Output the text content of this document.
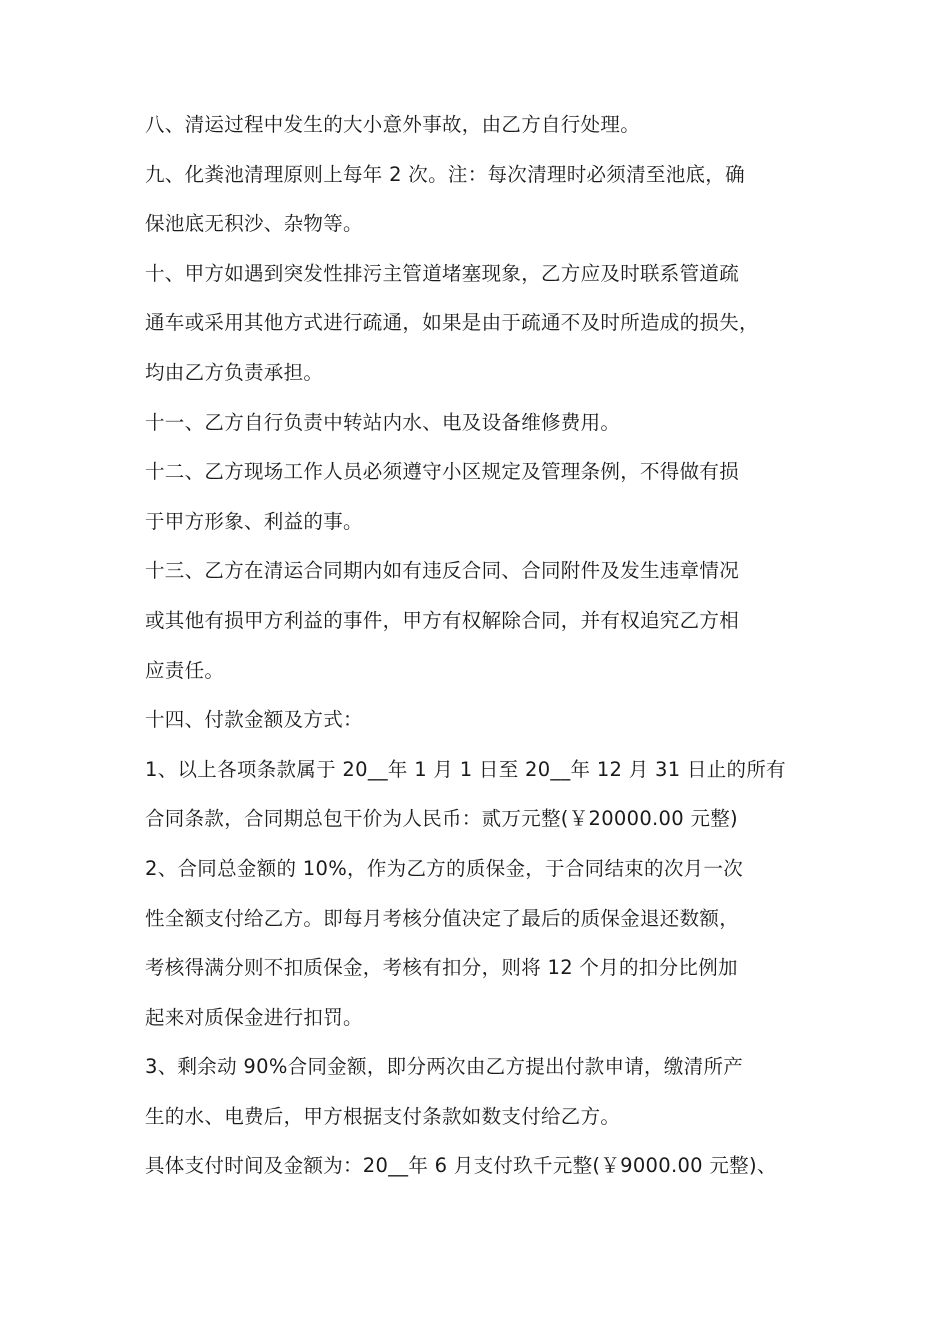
八、清运过程中发生的大小意外事故，由乙方自行处理。
九、化粪池清理原则上每年 2 次。注：每次清理时必须清至池底，确
保池底无积沙、杂物等。
十、甲方如遇到突发性排污主管道堵塞现象，乙方应及时联系管道疏
通车或采用其他方式进行疏通，如果是由于疏通不及时所造成的损失，
均由乙方负责承担。
十一、乙方自行负责中转站内水、电及设备维修费用。
十二、乙方现场工作人员必须遵守小区规定及管理条例，不得做有损
于甲方形象、利益的事。
十三、乙方在清运合同期内如有违反合同、合同附件及发生违章情况
或其他有损甲方利益的事件，甲方有权解除合同，并有权追究乙方相
应责任。
十四、付款金额及方式：
1、以上各项条款属于 20__年 1 月 1 日至 20__年 12 月 31 日止的所有
合同条款，合同期总包干价为人民币：贰万元整(￥20000.00 元整)
2、合同总金额的 10%，作为乙方的质保金，于合同结束的次月一次
性全额支付给乙方。即每月考核分值决定了最后的质保金退还数额，
考核得满分则不扣质保金，考核有扣分，则将 12 个月的扣分比例加
起来对质保金进行扣罚。
3、剩余动 90%合同金额，即分两次由乙方提出付款申请，缴清所产
生的水、电费后，甲方根据支付条款如数支付给乙方。
具体支付时间及金额为：20__年 6 月支付玖千元整(￥9000.00 元整)、
